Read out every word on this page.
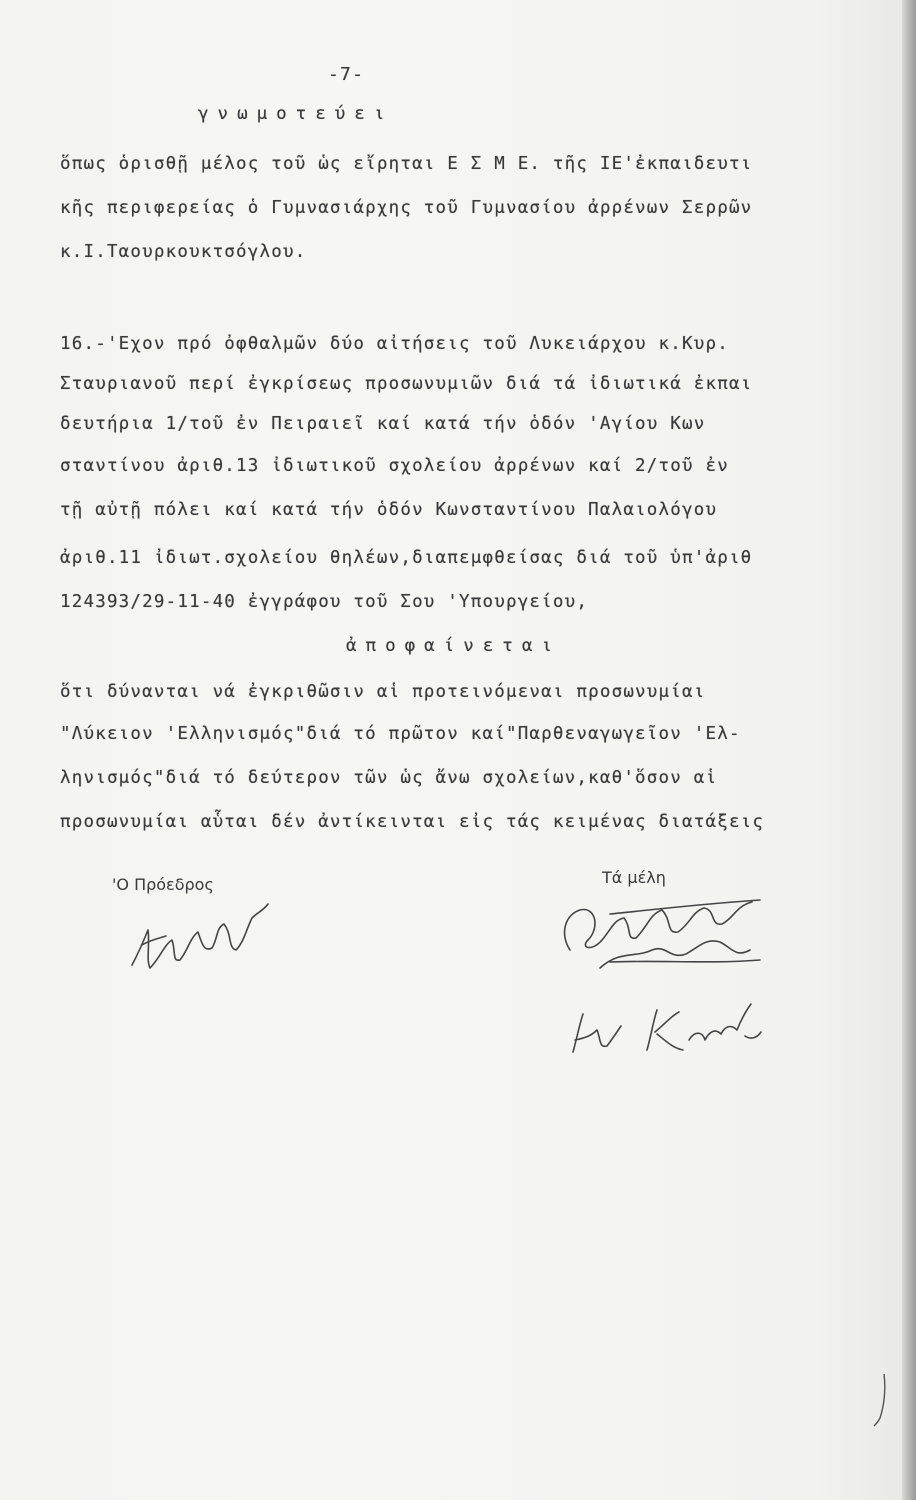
-7-
γνωμοτεύει
ὅπως ὁρισθῇ μέλος τοῦ ὡς εἴρηται Ε Σ Μ Ε. τῆς ΙΕ'ἐκπαιδευτι
κῆς περιφερείας ὁ Γυμνασιάρχης τοῦ Γυμνασίου ἀρρένων Σερρῶν
κ.Ι.Ταουρκουκτσόγλου.
16.-'Εχον πρό ὀφθαλμῶν δύο αἰτήσεις τοῦ Λυκειάρχου κ.Κυρ.
Σταυριανοῦ περί ἐγκρίσεως προσωνυμιῶν διά τά ἰδιωτικά ἐκπαι
δευτήρια 1/τοῦ ἐν Πειραιεῖ καί κατά τήν ὁδόν 'Αγίου Κων
σταντίνου ἀριθ.13 ἰδιωτικοῦ σχολείου ἀρρένων καί 2/τοῦ ἐν
τῇ αὐτῇ πόλει καί κατά τήν ὁδόν Κωνσταντίνου Παλαιολόγου
ἀριθ.11 ἰδιωτ.σχολείου θηλέων,διαπεμφθείσας διά τοῦ ὑπ'ἀριθ
124393/29-11-40 ἐγγράφου τοῦ Σου 'Υπουργείου,
ἀποφαίνεται
ὅτι δύνανται νά ἐγκριθῶσιν αἱ προτεινόμεναι προσωνυμίαι
"Λύκειον 'Ελληνισμός"διά τό πρῶτον καί"Παρθεναγωγεῖον 'Ελ-
ληνισμός"διά τό δεύτερον τῶν ὡς ἄνω σχολείων,καθ'ὅσον αἱ
προσωνυμίαι αὗται δέν ἀντίκεινται εἰς τάς κειμένας διατάξεις
'Ο Πρόεδρος	Τά μέλη
